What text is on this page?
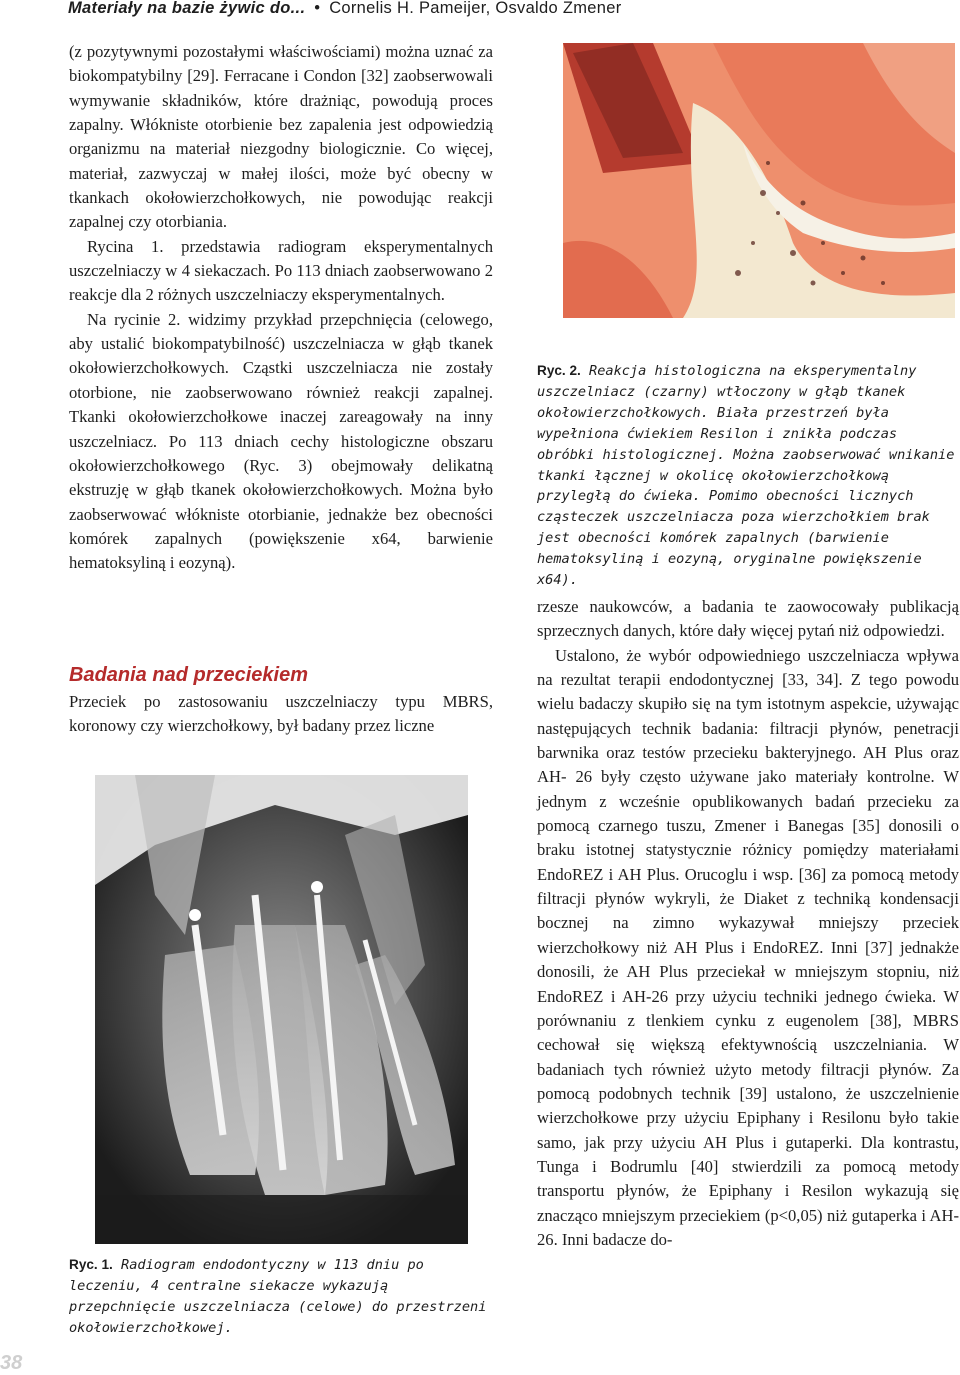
Materiały na bazie żywic do... • Cornelis H. Pameijer, Osvaldo Zmener

(z pozytywnymi pozostałymi właściwościami) można uznać za biokompatybilny [29]. Ferracane i Condon [32] zaobserwowali wymywanie składników, które drażniąc, powodują proces zapalny. Włókniste otorbienie bez zapalenia jest odpowiedzią organizmu na materiał niezgodny biologicznie. Co więcej, materiał, zazwyczaj w małej ilości, może być obecny w tkankach okołowierzchołkowych, nie powodując reakcji zapalnej czy otorbiania.

Rycina 1. przedstawia radiogram eksperymentalnych uszczelniaczy w 4 siekaczach. Po 113 dniach zaobserwowano 2 reakcje dla 2 różnych uszczelniaczy eksperymentalnych.

Na rycinie 2. widzimy przykład przepchnięcia (celowego, aby ustalić biokompatybilność) uszczelniacza w głąb tkanek okołowierzchołkowych. Cząstki uszczelniacza nie zostały otorbione, nie zaobserwowano również reakcji zapalnej. Tkanki okołowierzchołkowe inaczej zareagowały na inny uszczelniacz. Po 113 dniach cechy histologiczne obszaru okołowierzchołkowego (Ryc. 3) obejmowały delikatną ekstruzję w głąb tkanek okołowierzchołkowych. Można było zaobserwować włókniste otorbianie, jednakże bez obecności komórek zapalnych (powiększenie x64, barwienie hematoksyliną i eozyną).

Badania nad przeciekiem

Przeciek po zastosowaniu uszczelniaczy typu MBRS, koronowy czy wierzchołkowy, był badany przez liczne

Ryc. 1. Radiogram endodontyczny w 113 dniu po leczeniu, 4 centralne siekacze wykazują przepchnięcie uszczelniacza (celowe) do przestrzeni okołowierzchołkowej.
Ryc. 2. Reakcja histologiczna na eksperymentalny uszczelniacz (czarny) wtłoczony w głąb tkanek okołowierzchołkowych. Biała przestrzeń była wypełniona ćwiekiem Resilon i znikła podczas obróbki histologicznej. Można zaobserwować wnikanie tkanki łącznej w okolicę okołowierzchołkową przyległą do ćwieka. Pomimo obecności licznych cząsteczek uszczelniacza poza wierzchołkiem brak jest obecności komórek zapalnych (barwienie hematoksyliną i eozyną, oryginalne powiększenie x64).

rzesze naukowców, a badania te zaowocowały publikacją sprzecznych danych, które dały więcej pytań niż odpowiedzi.

Ustalono, że wybór odpowiedniego uszczelniacza wpływa na rezultat terapii endodontycznej [33, 34]. Z tego powodu wielu badaczy skupiło się na tym istotnym aspekcie, używając następujących technik badania: filtracji płynów, penetracji barwnika oraz testów przecieku bakteryjnego. AH Plus oraz AH- 26 były często używane jako materiały kontrolne. W jednym z wcześnie opublikowanych badań przecieku za pomocą czarnego tuszu, Zmener i Banegas [35] donosili o braku istotnej statystycznie różnicy pomiędzy materiałami EndoREZ i AH Plus. Orucoglu i wsp. [36] za pomocą metody filtracji płynów wykryli, że Diaket z techniką kondensacji bocznej na zimno wykazywał mniejszy przeciek wierzchołkowy niż AH Plus i EndoREZ. Inni [37] jednakże donosili, że AH Plus przeciekał w mniejszym stopniu, niż EndoREZ i AH-26 przy użyciu techniki jednego ćwieka. W porównaniu z tlenkiem cynku z eugenolem [38], MBRS cechował się większą efektywnością uszczelniania. W badaniach tych również użyto metody filtracji płynów. Za pomocą podobnych technik [39] ustalono, że uszczelnienie wierzchołkowe przy użyciu Epiphany i Resilonu było takie samo, jak przy użyciu AH Plus i gutaperki. Dla kontrastu, Tunga i Bodrumlu [40] stwierdzili za pomocą metody transportu płynów, że Epiphany i Resilon wykazują się znacząco mniejszym przeciekiem (p<0,05) niż gutaperka i AH-26. Inni badacze do-

38
